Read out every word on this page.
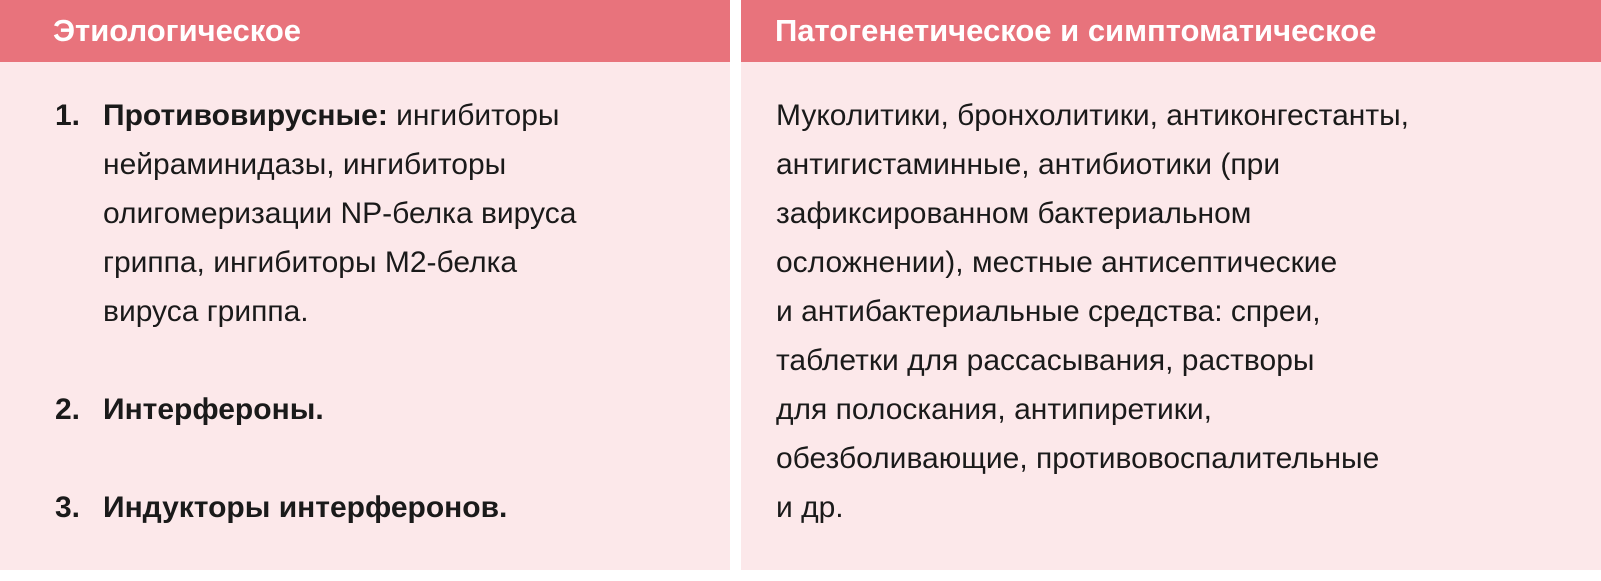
Этиологическое
1. Противовирусные: ингибиторы
нейраминидазы, ингибиторы
олигомеризации NP-белка вируса
гриппа, ингибиторы M2-белка
вируса гриппа.
2. Интерфероны.
3. Индукторы интерферонов.
Патогенетическое и симптоматическое
Муколитики, бронхолитики, антиконгестанты,
антигистаминные, антибиотики (при
зафиксированном бактериальном
осложнении), местные антисептические
и антибактериальные средства: спреи,
таблетки для рассасывания, растворы
для полоскания, антипиретики,
обезболивающие, противовоспалительные
и др.
